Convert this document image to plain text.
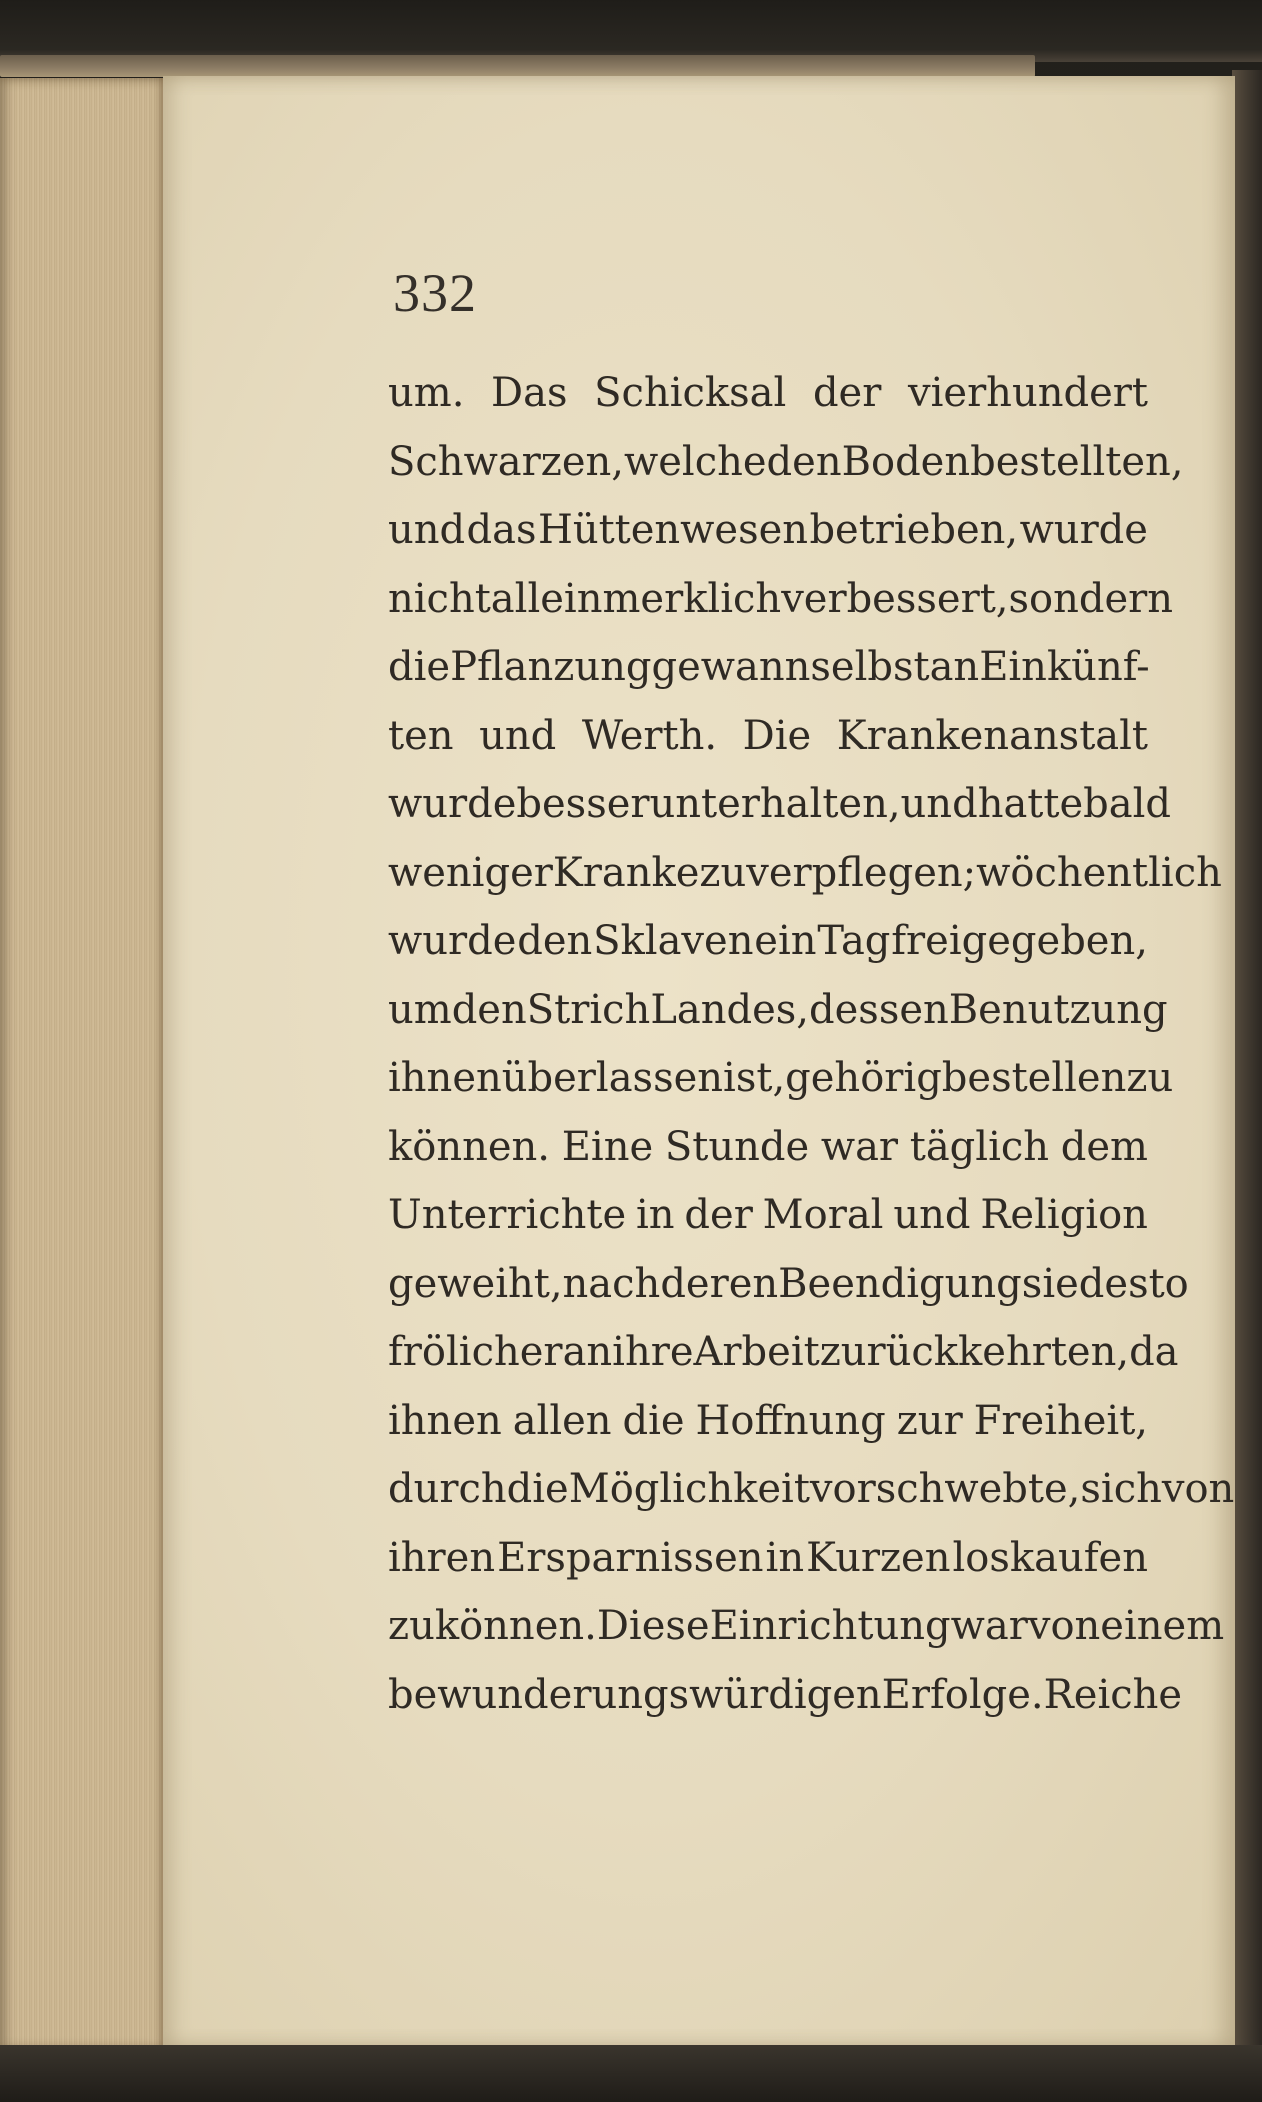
332
um. Das Schicksal der vierhundert
Schwarzen, welche den Boden bestellten,
und das Hüttenwesen betrieben, wurde
nicht allein merklich verbessert, sondern
die Pflanzung gewann selbst an Einkünf-
ten und Werth. Die Krankenanstalt
wurde besser unterhalten, und hatte bald
weniger Kranke zu verpflegen; wöchentlich
wurde den Sklaven ein Tag freigegeben,
um den Strich Landes, dessen Benutzung
ihnen überlassen ist, gehörig bestellen zu
können. Eine Stunde war täglich dem
Unterrichte in der Moral und Religion
geweiht, nach deren Beendigung sie desto
frölicher an ihre Arbeit zurückkehrten, da
ihnen allen die Hoffnung zur Freiheit,
durch die Möglichkeit vorschwebte, sich von
ihren Ersparnissen in Kurzen loskaufen
zu können. Diese Einrichtung war von einem
bewunderungswürdigen Erfolge. Reiche
